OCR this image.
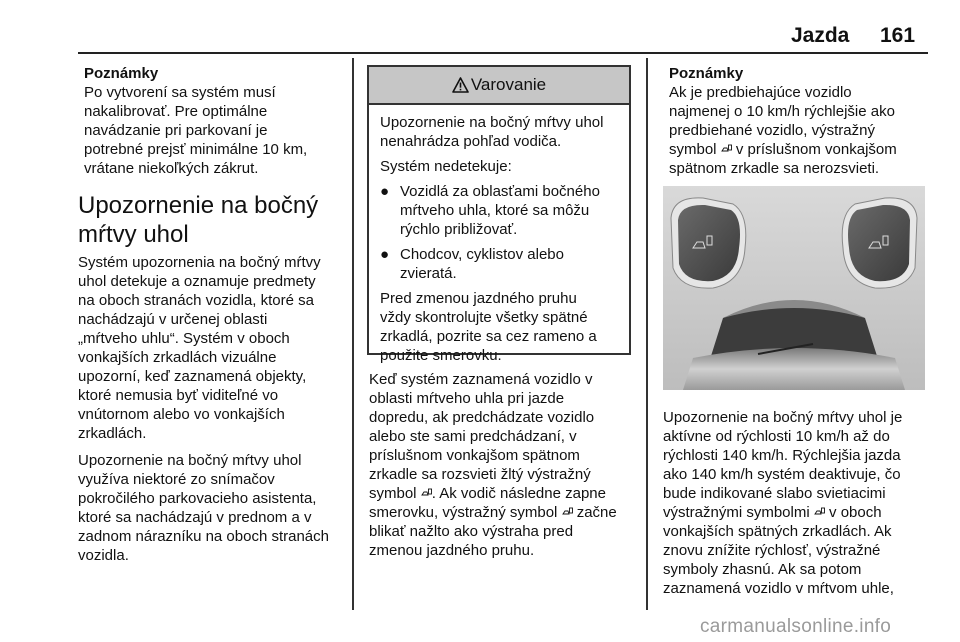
Jazda 161

Poznámky

Po vytvorení sa systém musí

nakalibrovať. Pre optimálne

navádzanie pri parkovaní je

potrebné prejsť minimálne 10 km,

vrátane niekoľkých zákrut.

Upozornenie na bočný
mŕtvy uhol

Systém upozornenia na bočný mŕtvy

uhol detekuje a oznamuje predmety

na oboch stranách vozidla, ktoré sa

nachádzajú v určenej oblasti

„mŕtveho uhlu“. Systém v oboch

vonkajších zrkadlách vizuálne

upozorní, keď zaznamená objekty,

ktoré nemusia byť viditeľné vo

vnútornom alebo vo vonkajších

zrkadlách.

Upozornenie na bočný mŕtvy uhol

využíva niektoré zo snímačov

pokročilého parkovacieho asistenta,

ktoré sa nachádzajú v prednom a v

zadnom nárazníku na oboch stranách

vozidla.

Varovanie

Upozornenie na bočný mŕtvy uhol
nenahrádza pohľad vodiča.

Systém nedetekuje:

● Vozidlá za oblasťami bočného
mŕtveho uhla, ktoré sa môžu
rýchlo približovať.
● Chodcov, cyklistov alebo
zvieratá.

Pred zmenou jazdného pruhu
vždy skontrolujte všetky spätné
zrkadlá, pozrite sa cez rameno a
použite smerovku.

Keď systém zaznamená vozidlo v

oblasti mŕtveho uhla pri jazde

dopredu, ak predchádzate vozidlo

alebo ste sami predchádzaní, v

príslušnom vonkajšom spätnom

zrkadle sa rozsvieti žltý výstražný

symbol . Ak vodič následne zapne

smerovku, výstražný symbol  začne

blikať nažlto ako výstraha pred

zmenou jazdného pruhu.

Poznámky

Ak je predbiehajúce vozidlo

najmenej o 10 km/h rýchlejšie ako

predbiehané vozidlo, výstražný

symbol  v príslušnom vonkajšom

spätnom zrkadle sa nerozsvieti.

Upozornenie na bočný mŕtvy uhol je

aktívne od rýchlosti 10 km/h až do

rýchlosti 140 km/h. Rýchlejšia jazda

ako 140 km/h systém deaktivuje, čo

bude indikované slabo svietiacimi

výstražnými symbolmi  v oboch

vonkajších spätných zrkadlách. Ak

znovu znížite rýchlosť, výstražné

symboly zhasnú. Ak sa potom

zaznamená vozidlo v mŕtvom uhle,

carmanualsonline.info
